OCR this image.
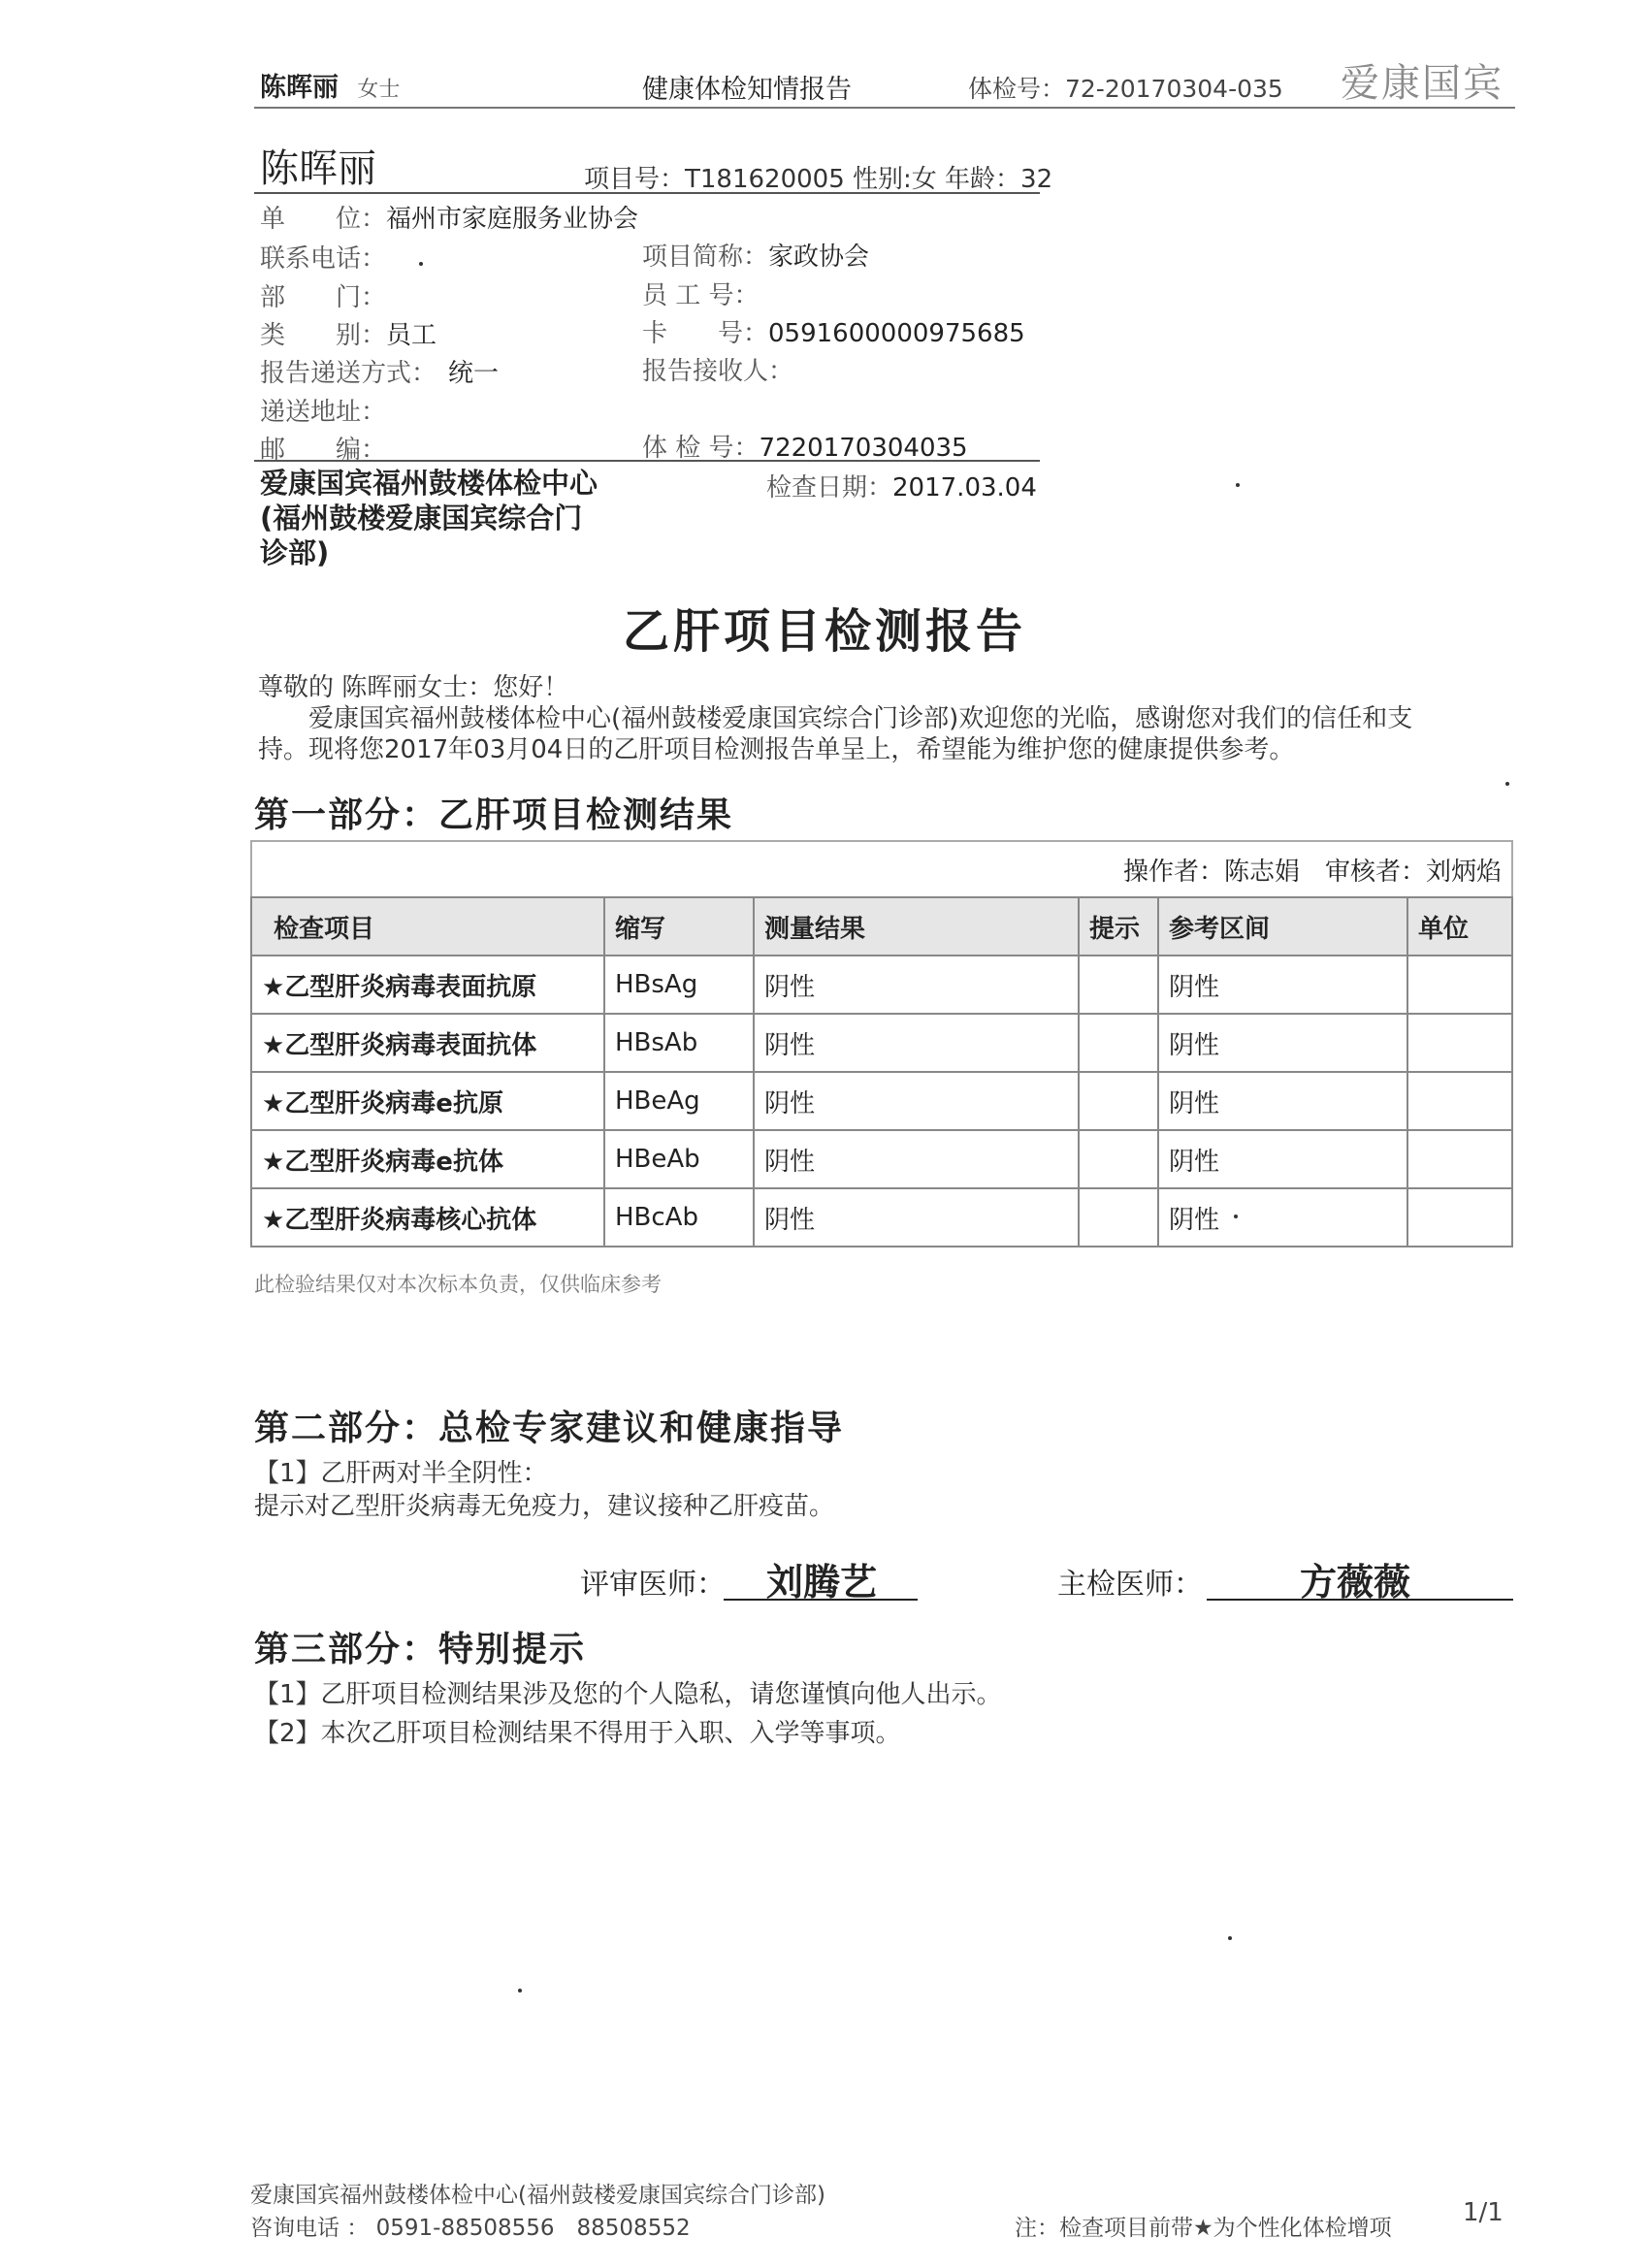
陈晖丽 女士	健康体检知情报告	体检号：72-20170304-035 爱康国宾
陈晖丽	项目号：T181620005 性别:女 年龄：32
单　　位：福州市家庭服务业协会
联系电话：
部　　门：
类　　别：员工
报告递送方式： 统一
递送地址：
邮　　编：
项目简称：家政协会
员 工 号：
卡　　号：0591600000975685
报告接收人：
体 检 号：7220170304035
爱康国宾福州鼓楼体检中心
(福州鼓楼爱康国宾综合门
诊部)
检查日期：2017.03.04
乙肝项目检测报告
尊敬的 陈晖丽女士：您好！
爱康国宾福州鼓楼体检中心(福州鼓楼爱康国宾综合门诊部)欢迎您的光临，感谢您对我们的信任和支
持。现将您2017年03月04日的乙肝项目检测报告单呈上，希望能为维护您的健康提供参考。
第一部分：乙肝项目检测结果
操作者：陈志娟　审核者：刘炳焰					
检查项目	缩写	测量结果	提示	参考区间	单位
★乙型肝炎病毒表面抗原	HBsAg	阴性		阴性	
★乙型肝炎病毒表面抗体	HBsAb	阴性		阴性	
★乙型肝炎病毒e抗原	HBeAg	阴性		阴性	
★乙型肝炎病毒e抗体	HBeAb	阴性		阴性	
★乙型肝炎病毒核心抗体	HBcAb	阴性		阴性	
此检验结果仅对本次标本负责，仅供临床参考
第二部分：总检专家建议和健康指导
【1】乙肝两对半全阴性：
提示对乙型肝炎病毒无免疫力，建议接种乙肝疫苗。
评审医师： 刘腾艺	主检医师：	方薇薇
第三部分：特别提示
【1】乙肝项目检测结果涉及您的个人隐私，请您谨慎向他人出示。
【2】本次乙肝项目检测结果不得用于入职、入学等事项。
爱康国宾福州鼓楼体检中心(福州鼓楼爱康国宾综合门诊部)
咨询电话 ： 0591-88508556　88508552	注：检查项目前带★为个性化体检增项
1/1
